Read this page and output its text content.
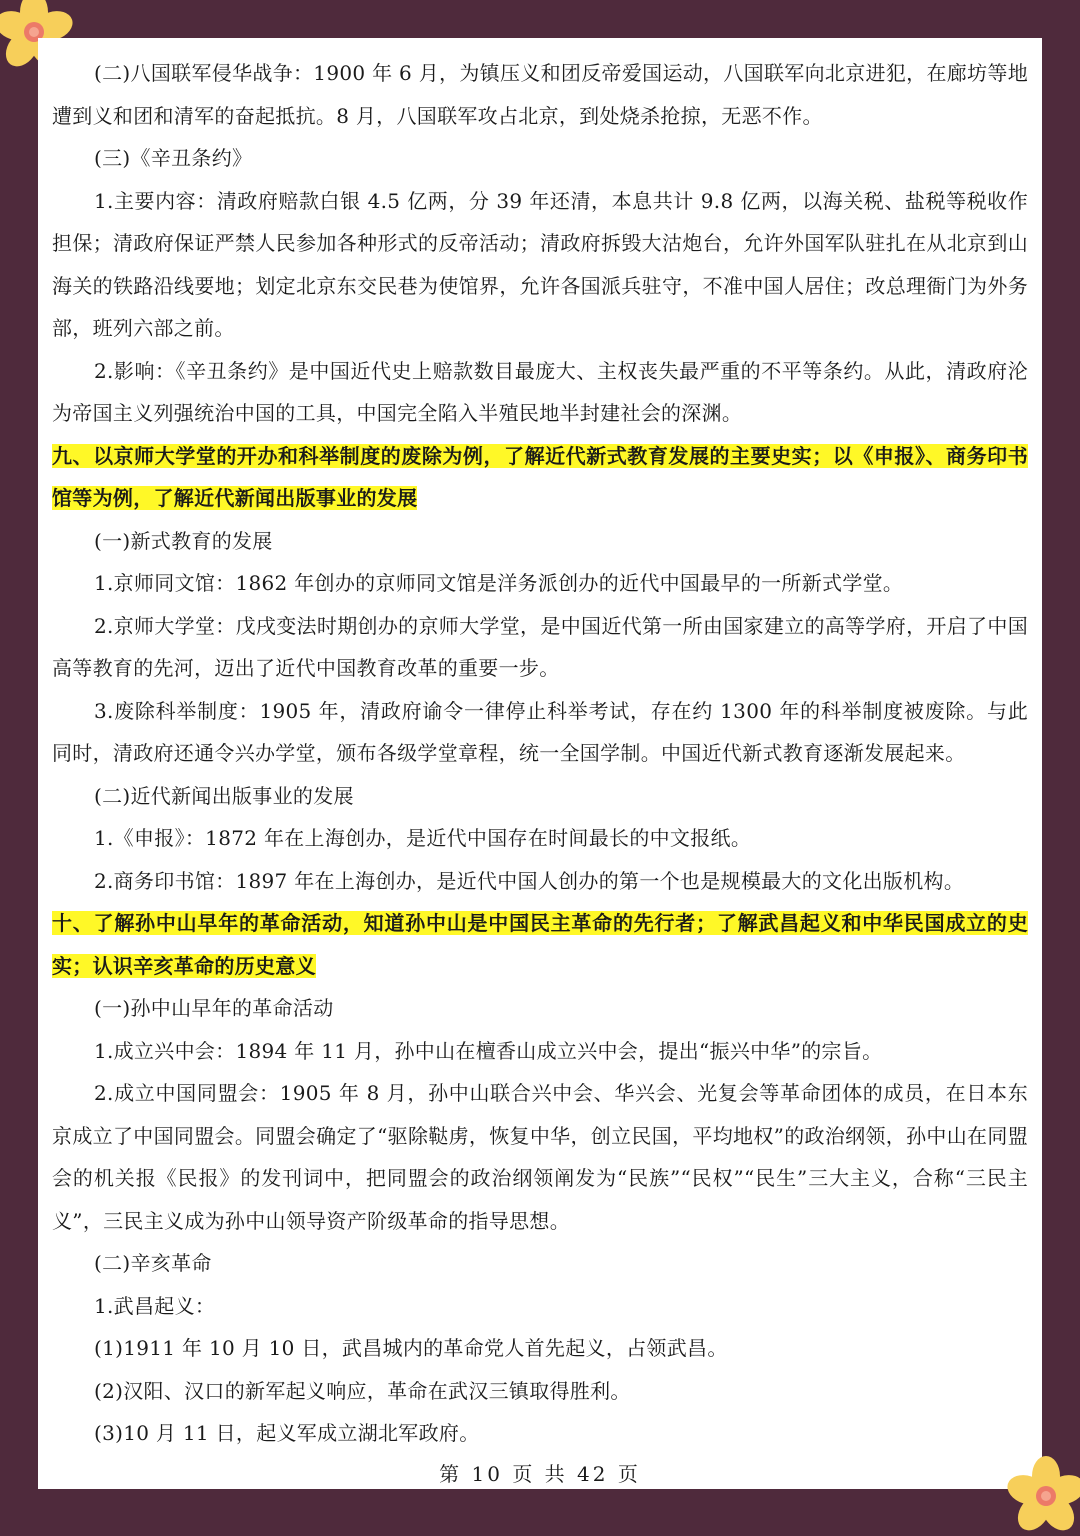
(二)八国联军侵华战争：1900 年 6 月，为镇压义和团反帝爱国运动，八国联军向北京进犯，在廊坊等地遭到义和团和清军的奋起抵抗。8 月，八国联军攻占北京，到处烧杀抢掠，无恶不作。

(三)《辛丑条约》

1.主要内容：清政府赔款白银 4.5 亿两，分 39 年还清，本息共计 9.8 亿两，以海关税、盐税等税收作担保；清政府保证严禁人民参加各种形式的反帝活动；清政府拆毁大沽炮台，允许外国军队驻扎在从北京到山海关的铁路沿线要地；划定北京东交民巷为使馆界，允许各国派兵驻守，不准中国人居住；改总理衙门为外务部，班列六部之前。

2.影响：《辛丑条约》是中国近代史上赔款数目最庞大、主权丧失最严重的不平等条约。从此，清政府沦为帝国主义列强统治中国的工具，中国完全陷入半殖民地半封建社会的深渊。

九、以京师大学堂的开办和科举制度的废除为例，了解近代新式教育发展的主要史实；以《申报》、商务印书馆等为例，了解近代新闻出版事业的发展

(一)新式教育的发展

1.京师同文馆：1862 年创办的京师同文馆是洋务派创办的近代中国最早的一所新式学堂。

2.京师大学堂：戊戌变法时期创办的京师大学堂，是中国近代第一所由国家建立的高等学府，开启了中国高等教育的先河，迈出了近代中国教育改革的重要一步。

3.废除科举制度：1905 年，清政府谕令一律停止科举考试，存在约 1300 年的科举制度被废除。与此同时，清政府还通令兴办学堂，颁布各级学堂章程，统一全国学制。中国近代新式教育逐渐发展起来。

(二)近代新闻出版事业的发展

1.《申报》：1872 年在上海创办，是近代中国存在时间最长的中文报纸。

2.商务印书馆：1897 年在上海创办，是近代中国人创办的第一个也是规模最大的文化出版机构。

十、了解孙中山早年的革命活动，知道孙中山是中国民主革命的先行者；了解武昌起义和中华民国成立的史实；认识辛亥革命的历史意义

(一)孙中山早年的革命活动

1.成立兴中会：1894 年 11 月，孙中山在檀香山成立兴中会，提出“振兴中华”的宗旨。

2.成立中国同盟会：1905 年 8 月，孙中山联合兴中会、华兴会、光复会等革命团体的成员，在日本东京成立了中国同盟会。同盟会确定了“驱除鞑虏，恢复中华，创立民国，平均地权”的政治纲领，孙中山在同盟会的机关报《民报》的发刊词中，把同盟会的政治纲领阐发为“民族”“民权”“民生”三大主义，合称“三民主义”，三民主义成为孙中山领导资产阶级革命的指导思想。

(二)辛亥革命

1.武昌起义：

(1)1911 年 10 月 10 日，武昌城内的革命党人首先起义，占领武昌。

(2)汉阳、汉口的新军起义响应，革命在武汉三镇取得胜利。

(3)10 月 11 日，起义军成立湖北军政府。

第 10 页 共 42 页
